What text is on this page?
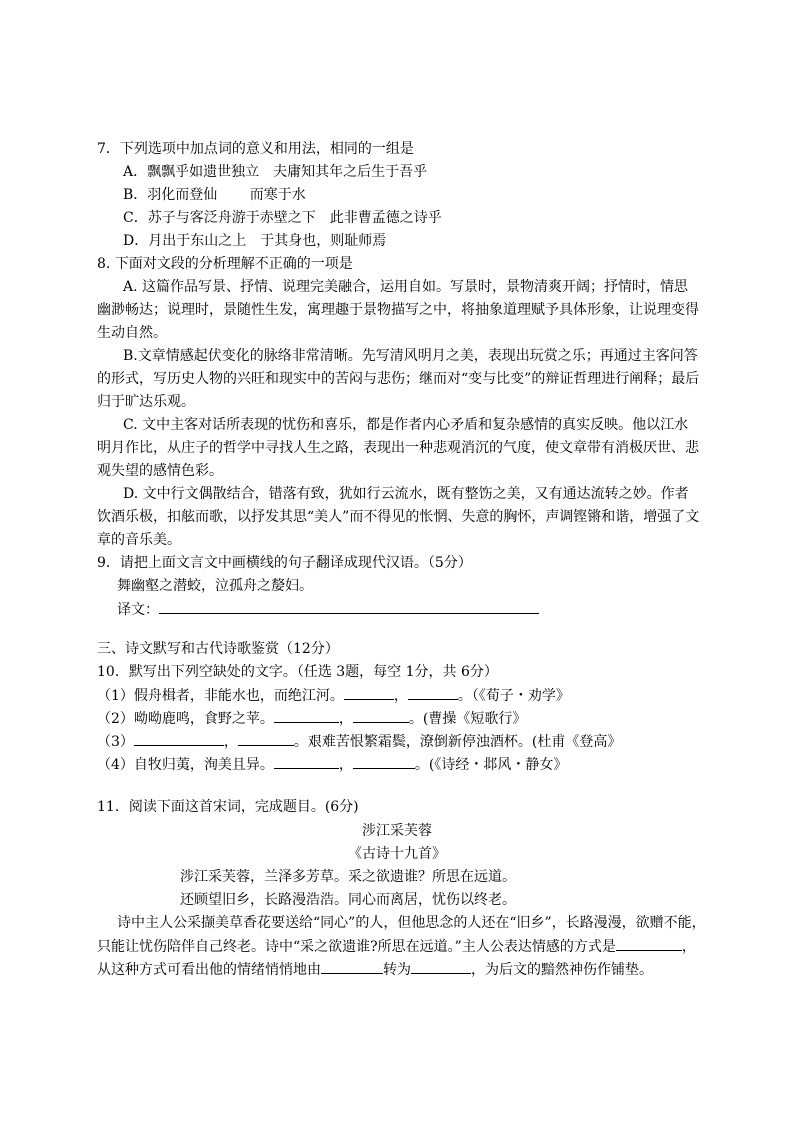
7．下列选项中加点词的意义和用法，相同的一组是
A．飘飘乎如遗世独立　夫庸知其年之后生于吾乎
B．羽化而登仙　　 而寒于水
C．苏子与客泛舟游于赤壁之下　此非曹孟德之诗乎
D．月出于东山之上　于其身也，则耻师焉
8. 下面对文段的分析理解不正确的一项是
A. 这篇作品写景、抒情、说理完美融合，运用自如。写景时，景物清爽开阔；抒情时，情思
幽渺畅达；说理时，景随性生发，寓理趣于景物描写之中，将抽象道理赋予具体形象，让说理变得
生动自然。
B.文章情感起伏变化的脉络非常清晰。先写清风明月之美，表现出玩赏之乐；再通过主客问答
的形式，写历史人物的兴旺和现实中的苦闷与悲伤；继而对“变与比变”的辩证哲理进行阐释；最后
归于旷达乐观。
C. 文中主客对话所表现的忧伤和喜乐，都是作者内心矛盾和复杂感情的真实反映。他以江水
明月作比，从庄子的哲学中寻找人生之路，表现出一种悲观消沉的气度，使文章带有消极厌世、悲
观失望的感情色彩。
D. 文中行文偶散结合，错落有致，犹如行云流水，既有整饬之美，又有通达流转之妙。作者
饮酒乐极，扣舷而歌，以抒发其思“美人”而不得见的怅惘、失意的胸怀，声调铿锵和谐，增强了文
章的音乐美。
9．请把上面文言文中画横线的句子翻译成现代汉语。（5分）
舞幽壑之潜蛟，泣孤舟之嫠妇。
译文：
三、诗文默写和古代诗歌鉴赏（12分）
10．默写出下列空缺处的文字。（任选 3题，每空 1分，共 6分）
（1）假舟楫者，非能水也，而绝江河。	，	。（《荀子・劝学》
（2）呦呦鹿鸣，食野之苹。	，	。(曹操《短歌行》
（3）	，	。艰难苦恨繁霜鬓，潦倒新停浊酒杯。(杜甫《登高》
（4）自牧归荑，洵美且异。	，	。(《诗经・邶风・静女》
11．阅读下面这首宋词，完成题目。(6分)
涉江采芙蓉
《古诗十九首》
涉江采芙蓉，兰泽多芳草。采之欲遗谁？所思在远道。
还顾望旧乡，长路漫浩浩。同心而离居，忧伤以终老。
诗中主人公采撷美草香花要送给“同心”的人，但他思念的人还在“旧乡”，长路漫漫，欲赠不能，
只能让忧伤陪伴自己终老。诗中“采之欲遗谁?所思在远道。”主人公表达情感的方式是	，
从这种方式可看出他的情绪悄悄地由	转为	，为后文的黯然神伤作铺垫。
